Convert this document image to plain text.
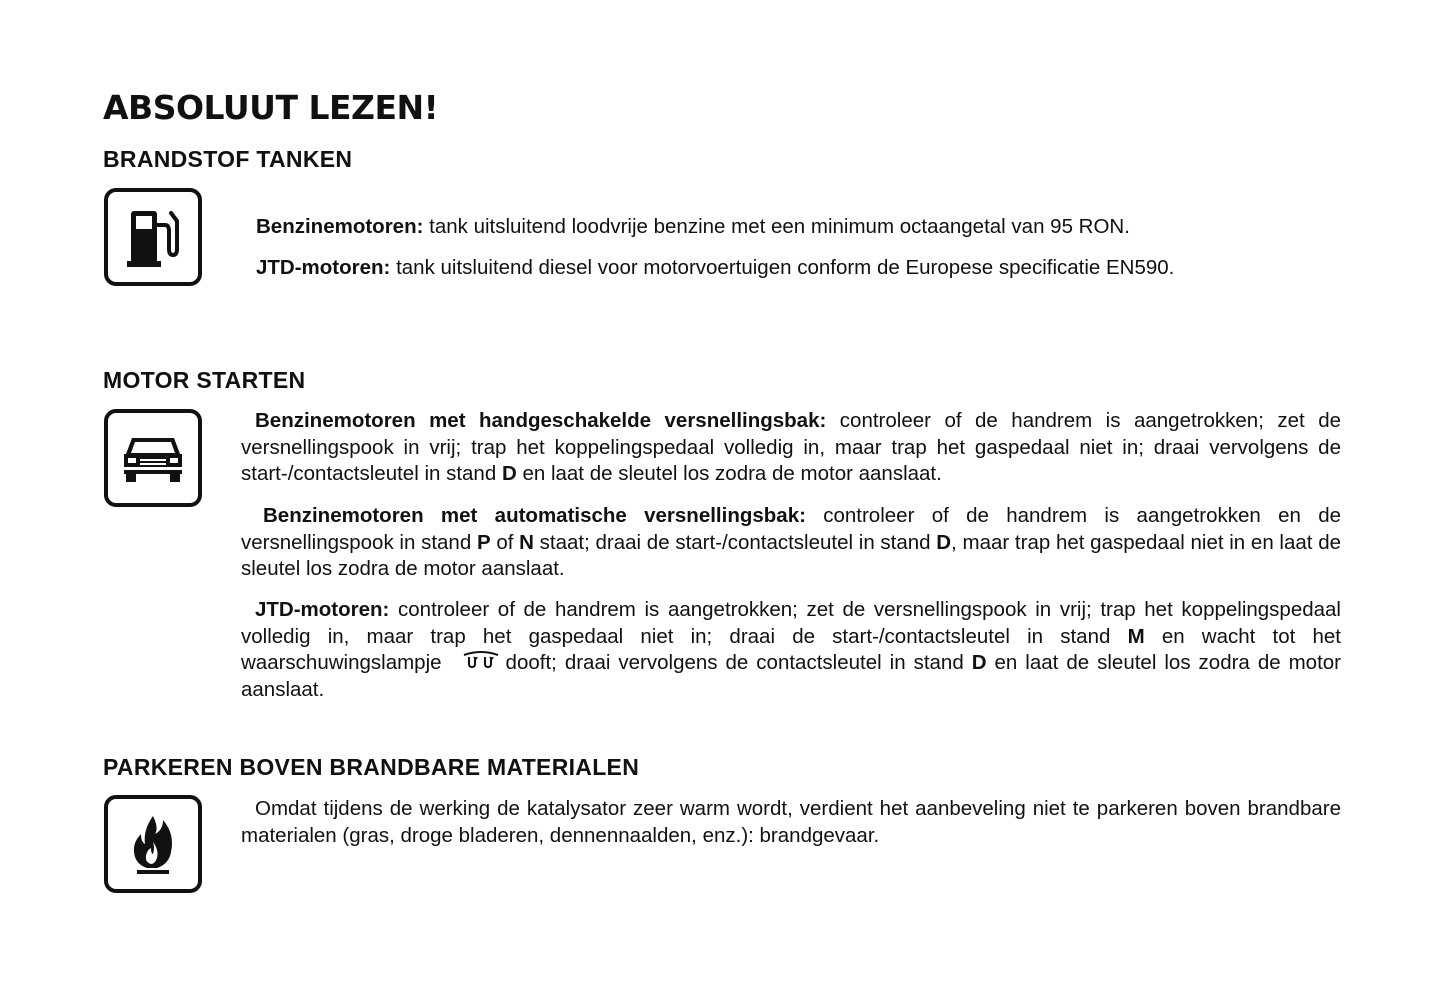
ABSOLUUT LEZEN!
BRANDSTOF TANKEN

Benzinemotoren: tank uitsluitend loodvrije benzine met een minimum octaangetal van 95 RON.

JTD-motoren: tank uitsluitend diesel voor motorvoertuigen conform de Europese specificatie EN590.

MOTOR STARTEN

Benzinemotoren met handgeschakelde versnellingsbak: controleer of de handrem is aangetrokken; zet de versnellingspook in vrij; trap het koppelingspedaal volledig in, maar trap het gaspedaal niet in; draai vervolgens de start-/contactsleutel in stand D en laat de sleutel los zodra de motor aanslaat.

Benzinemotoren met automatische versnellingsbak: controleer of de handrem is aangetrokken en de versnellingspook in stand P of N staat; draai de start-/contactsleutel in stand D, maar trap het gaspedaal niet in en laat de sleutel los zodra de motor aanslaat.

JTD-motoren: controleer of de handrem is aangetrokken; zet de versnellingspook in vrij; trap het koppelingspedaal volledig in, maar trap het gaspedaal niet in; draai de start-/contactsleutel in stand M en wacht tot het waarschuwingslampje	dooft; draai vervolgens de contactsleutel in stand D en laat de sleutel los zodra de motor aanslaat.

PARKEREN BOVEN BRANDBARE MATERIALEN

Omdat tijdens de werking de katalysator zeer warm wordt, verdient het aanbeveling niet te parkeren boven brandbare materialen (gras, droge bladeren, dennennaalden, enz.): brandgevaar.
